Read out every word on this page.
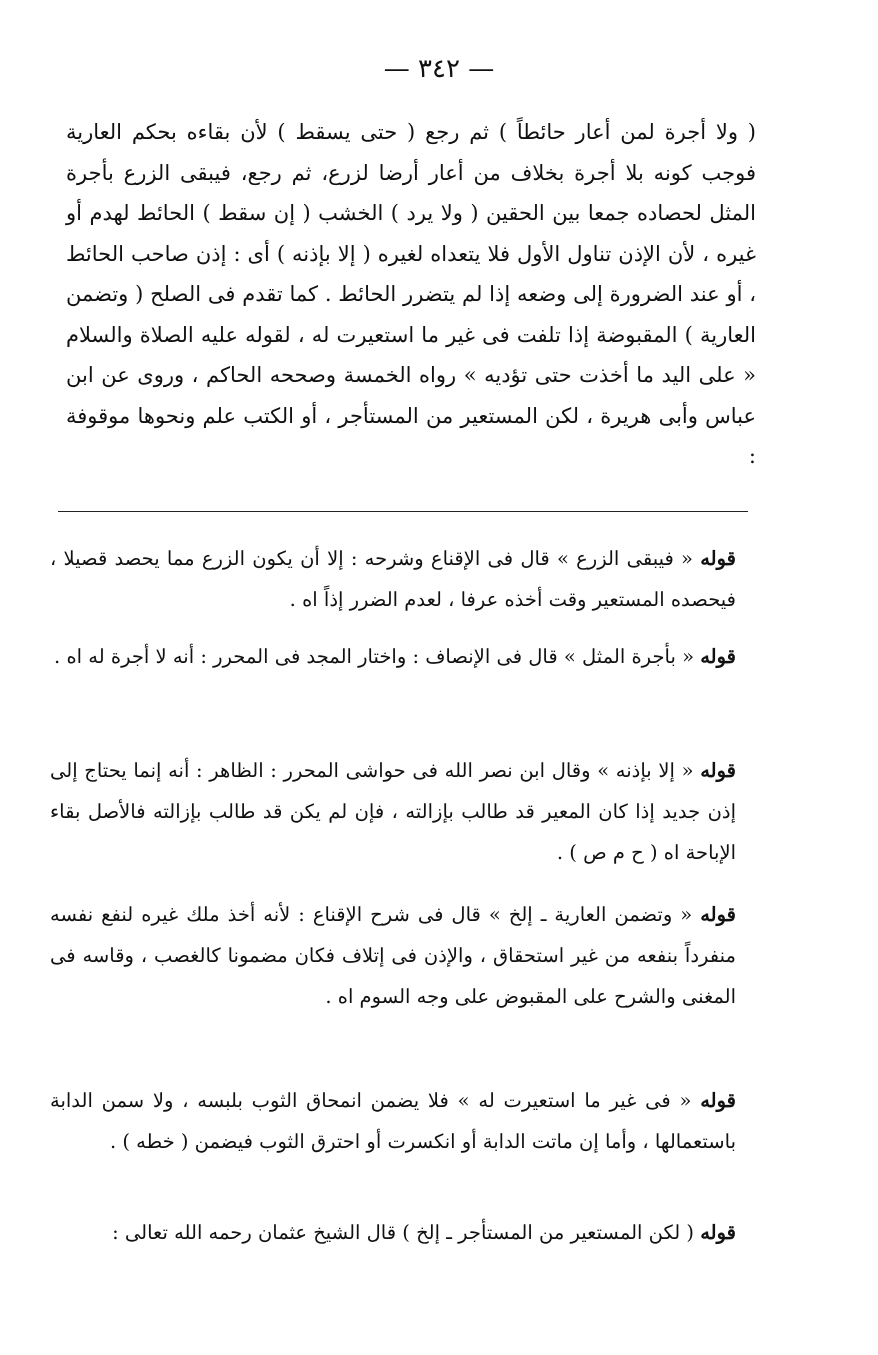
— ٣٤٢ —

( ولا أجرة لمن أعار حائطاً ) ثم رجع ( حتى يسقط ) لأن بقاءه بحكم العارية فوجب كونه بلا أجرة بخلاف من أعار أرضا لزرع، ثم رجع، فيبقى الزرع بأجرة المثل لحصاده جمعا بين الحقين ( ولا يرد ) الخشب ( إن سقط ) الحائط لهدم أو غيره ، لأن الإذن تناول الأول فلا يتعداه لغيره ( إلا بإذنه ) أى : إذن صاحب الحائط ، أو عند الضرورة إلى وضعه إذا لم يتضرر الحائط . كما تقدم فى الصلح ( وتضمن العارية ) المقبوضة إذا تلفت فى غير ما استعيرت له ، لقوله عليه الصلاة والسلام « على اليد ما أخذت حتى تؤديه » رواه الخمسة وصححه الحاكم ، وروى عن ابن عباس وأبى هريرة ، لكن المستعير من المستأجر ، أو الكتب علم ونحوها موقوفة :

قوله « فيبقى الزرع » قال فى الإقناع وشرحه : إلا أن يكون الزرع مما يحصد قصيلا ، فيحصده المستعير وقت أخذه عرفا ، لعدم الضرر إذاً اه .

قوله « بأجرة المثل » قال فى الإنصاف : واختار المجد فى المحرر : أنه لا أجرة له اه .

قوله « إلا بإذنه » وقال ابن نصر الله فى حواشى المحرر : الظاهر : أنه إنما يحتاج إلى إذن جديد إذا كان المعير قد طالب بإزالته ، فإن لم يكن قد طالب بإزالته فالأصل بقاء الإباحة اه ( ح م ص ) .

قوله « وتضمن العارية ـ إلخ » قال فى شرح الإقناع : لأنه أخذ ملك غيره لنفع نفسه منفرداً بنفعه من غير استحقاق ، والإذن فى إتلاف فكان مضمونا كالغصب ، وقاسه فى المغنى والشرح على المقبوض على وجه السوم اه .

قوله « فى غير ما استعيرت له » فلا يضمن انمحاق الثوب بلبسه ، ولا سمن الدابة باستعمالها ، وأما إن ماتت الدابة أو انكسرت أو احترق الثوب فيضمن ( خطه ) .

قوله ( لكن المستعير من المستأجر ـ إلخ ) قال الشيخ عثمان رحمه الله تعالى :
